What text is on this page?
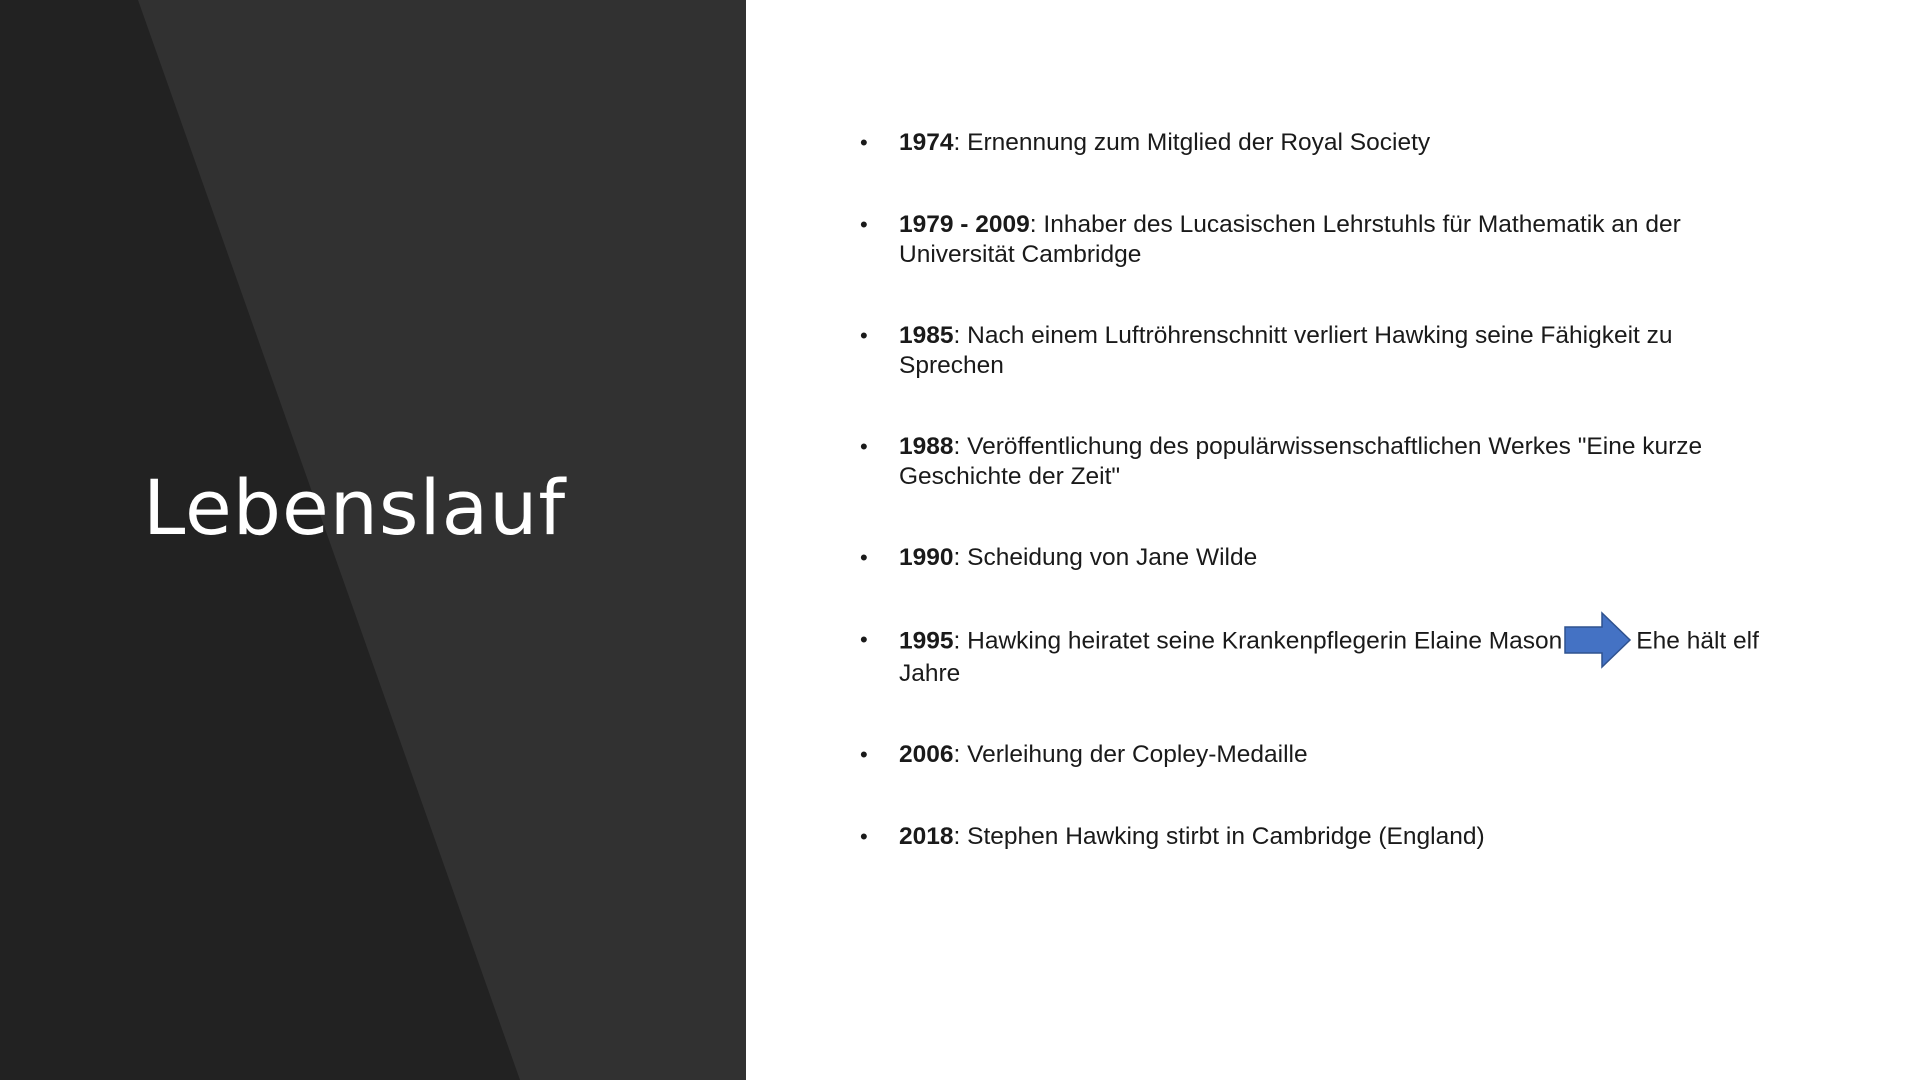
Lebenslauf
• 1974: Ernennung zum Mitglied der Royal Society
• 1979 - 2009: Inhaber des Lucasischen Lehrstuhls für Mathematik an der Universität Cambridge
• 1985: Nach einem Luftröhrenschnitt verliert Hawking seine Fähigkeit zu Sprechen
• 1988: Veröffentlichung des populärwissenschaftlichen Werkes "Eine kurze Geschichte der Zeit"
• 1990: Scheidung von Jane Wilde
• 1995: Hawking heiratet seine Krankenpflegerin Elaine Mason	Ehe hält elf Jahre
• 2006: Verleihung der Copley-Medaille
• 2018: Stephen Hawking stirbt in Cambridge (England)
